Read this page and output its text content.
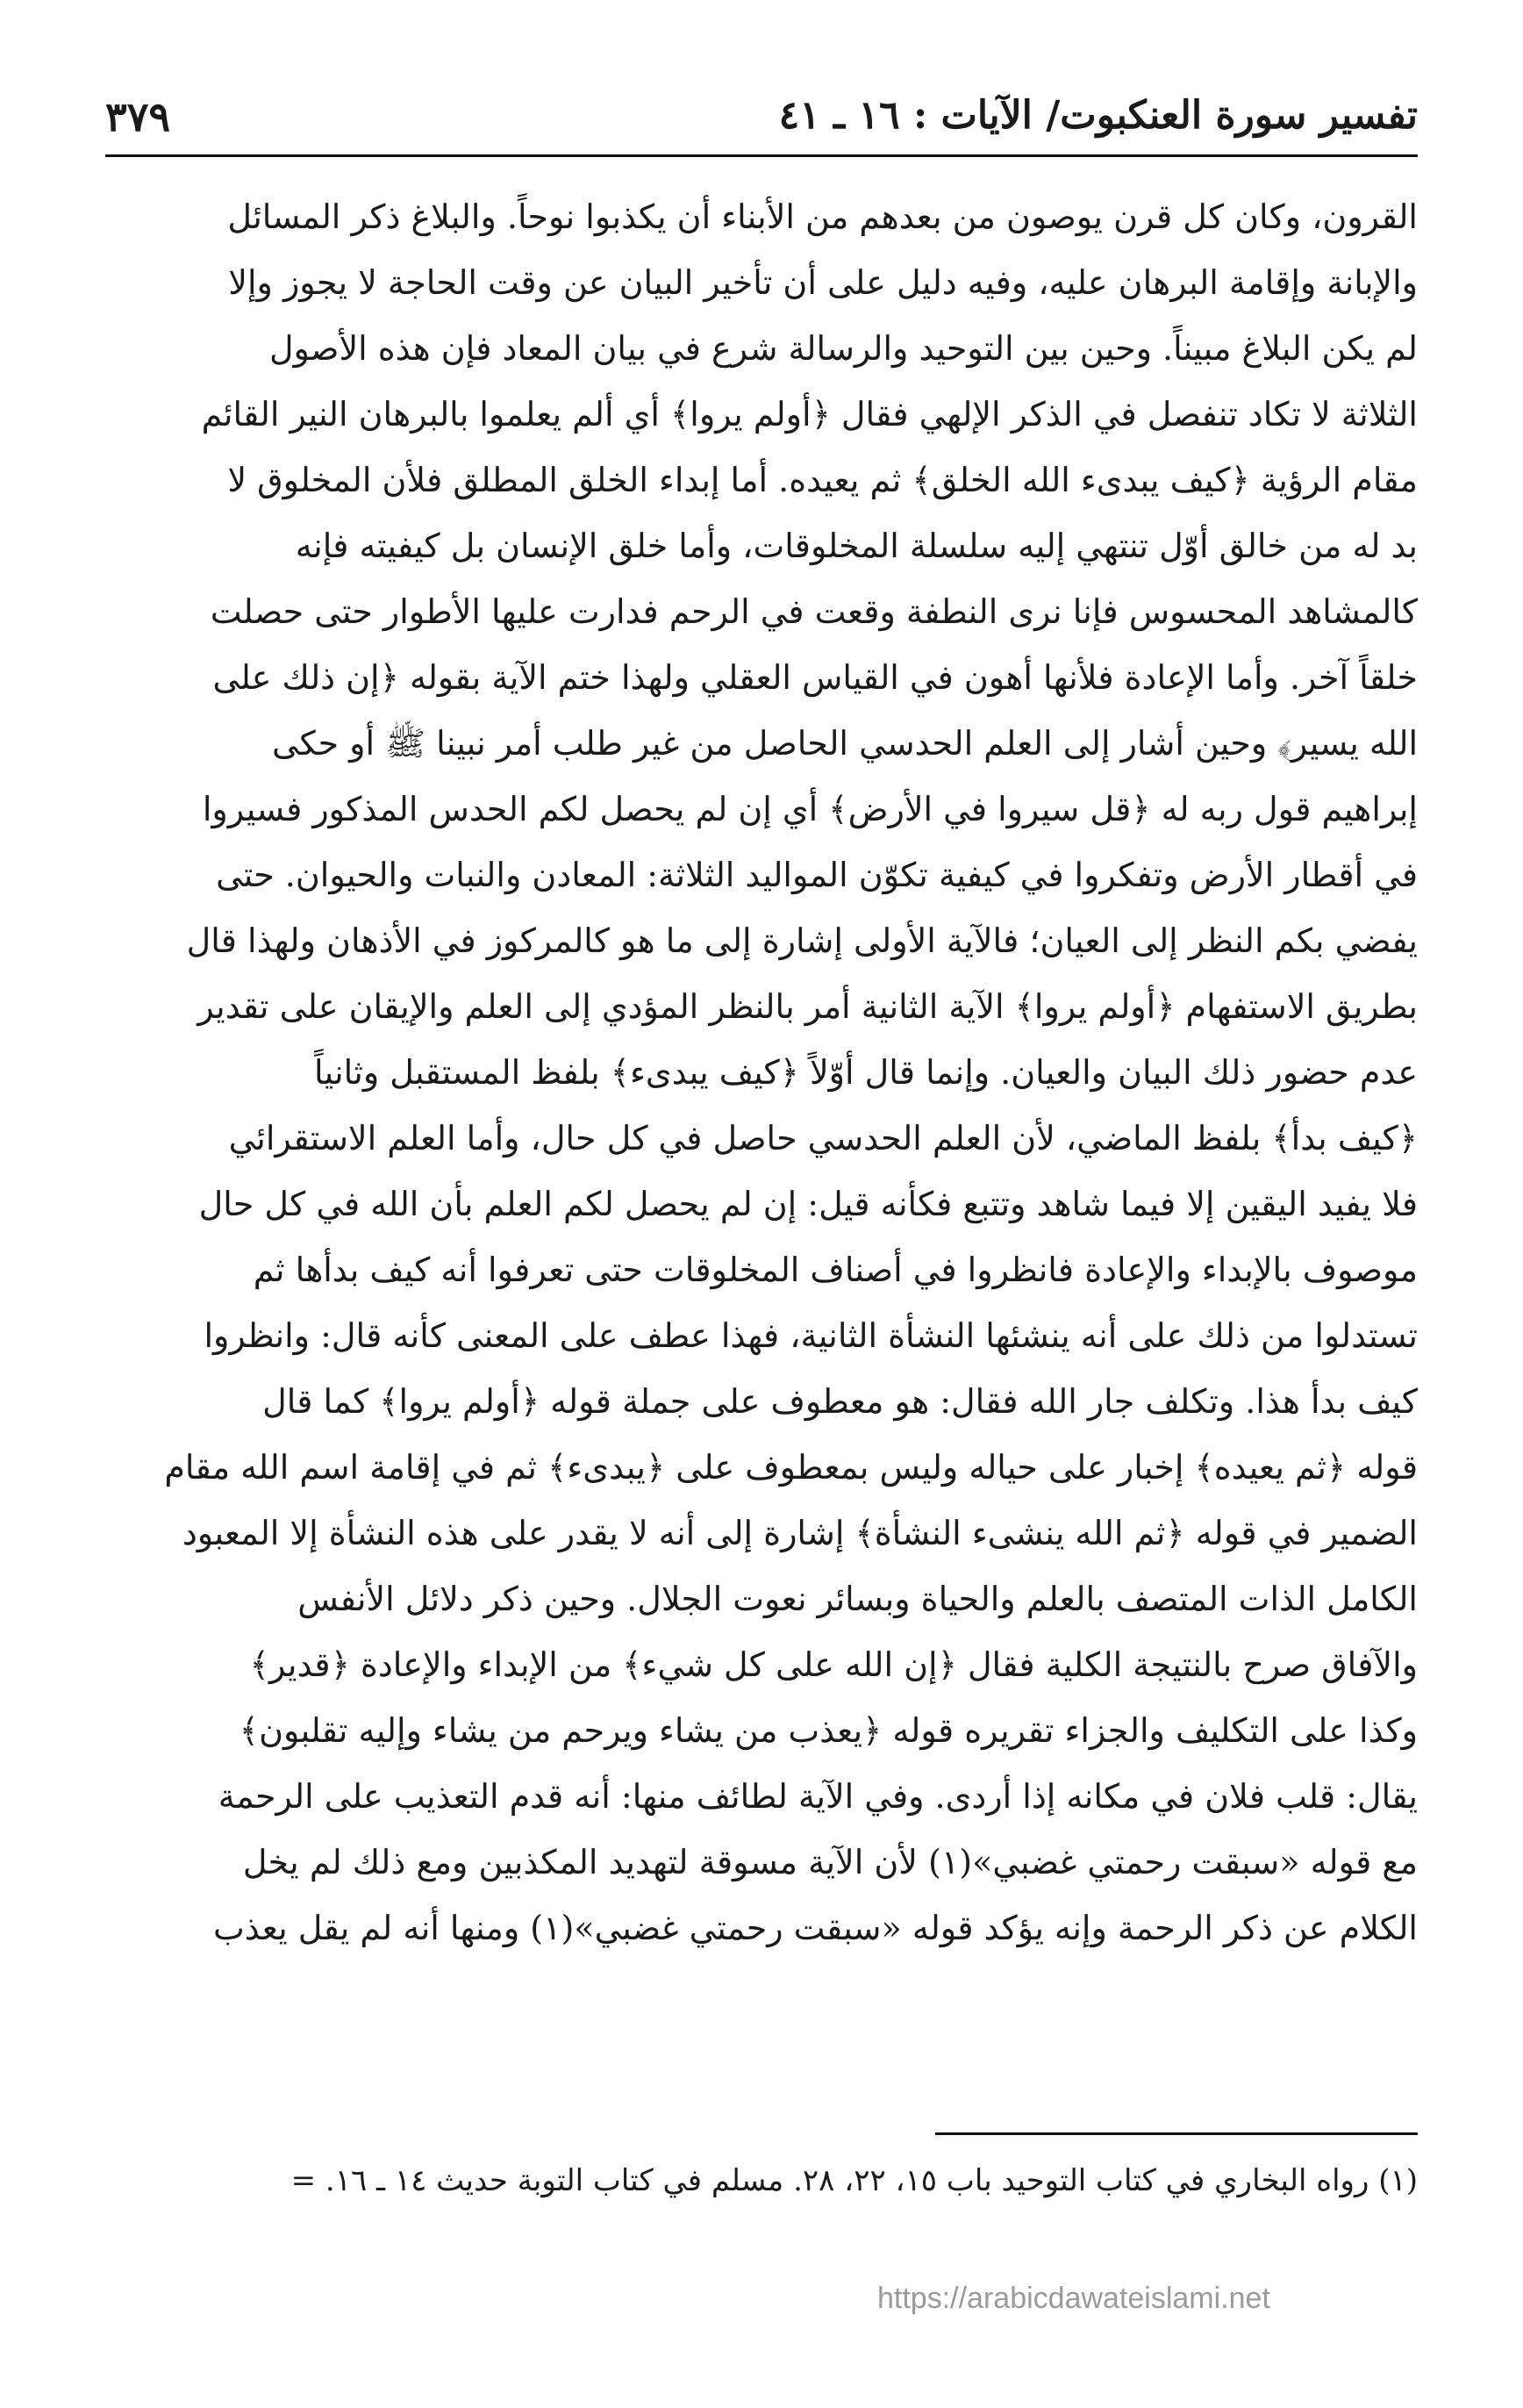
تفسير سورة العنكبوت/ الآيات : ١٦ ـ ٤١
٣٧٩
القرون، وكان كل قرن يوصون من بعدهم من الأبناء أن يكذبوا نوحاً. والبلاغ ذكر المسائل
والإبانة وإقامة البرهان عليه، وفيه دليل على أن تأخير البيان عن وقت الحاجة لا يجوز وإلا
لم يكن البلاغ مبيناً. وحين بين التوحيد والرسالة شرع في بيان المعاد فإن هذه الأصول
الثلاثة لا تكاد تنفصل في الذكر الإلهي فقال ﴿أولم يروا﴾ أي ألم يعلموا بالبرهان النير القائم
مقام الرؤية ﴿كيف يبدىء الله الخلق﴾ ثم يعيده. أما إبداء الخلق المطلق فلأن المخلوق لا
بد له من خالق أوّل تنتهي إليه سلسلة المخلوقات، وأما خلق الإنسان بل كيفيته فإنه
كالمشاهد المحسوس فإنا نرى النطفة وقعت في الرحم فدارت عليها الأطوار حتى حصلت
خلقاً آخر. وأما الإعادة فلأنها أهون في القياس العقلي ولهذا ختم الآية بقوله ﴿إن ذلك على
الله يسير﴾ وحين أشار إلى العلم الحدسي الحاصل من غير طلب أمر نبينا ﷺ أو حكى
إبراهيم قول ربه له ﴿قل سيروا في الأرض﴾ أي إن لم يحصل لكم الحدس المذكور فسيروا
في أقطار الأرض وتفكروا في كيفية تكوّن المواليد الثلاثة: المعادن والنبات والحيوان. حتى
يفضي بكم النظر إلى العيان؛ فالآية الأولى إشارة إلى ما هو كالمركوز في الأذهان ولهذا قال
بطريق الاستفهام ﴿أولم يروا﴾ الآية الثانية أمر بالنظر المؤدي إلى العلم والإيقان على تقدير
عدم حضور ذلك البيان والعيان. وإنما قال أوّلاً ﴿كيف يبدىء﴾ بلفظ المستقبل وثانياً
﴿كيف بدأ﴾ بلفظ الماضي، لأن العلم الحدسي حاصل في كل حال، وأما العلم الاستقرائي
فلا يفيد اليقين إلا فيما شاهد وتتبع فكأنه قيل: إن لم يحصل لكم العلم بأن الله في كل حال
موصوف بالإبداء والإعادة فانظروا في أصناف المخلوقات حتى تعرفوا أنه كيف بدأها ثم
تستدلوا من ذلك على أنه ينشئها النشأة الثانية، فهذا عطف على المعنى كأنه قال: وانظروا
كيف بدأ هذا. وتكلف جار الله فقال: هو معطوف على جملة قوله ﴿أولم يروا﴾ كما قال
قوله ﴿ثم يعيده﴾ إخبار على حياله وليس بمعطوف على ﴿يبدىء﴾ ثم في إقامة اسم الله مقام
الضمير في قوله ﴿ثم الله ينشىء النشأة﴾ إشارة إلى أنه لا يقدر على هذه النشأة إلا المعبود
الكامل الذات المتصف بالعلم والحياة وبسائر نعوت الجلال. وحين ذكر دلائل الأنفس
والآفاق صرح بالنتيجة الكلية فقال ﴿إن الله على كل شيء﴾ من الإبداء والإعادة ﴿قدير﴾
وكذا على التكليف والجزاء تقريره قوله ﴿يعذب من يشاء ويرحم من يشاء وإليه تقلبون﴾
يقال: قلب فلان في مكانه إذا أردى. وفي الآية لطائف منها: أنه قدم التعذيب على الرحمة
مع قوله «سبقت رحمتي غضبي»(١) لأن الآية مسوقة لتهديد المكذبين ومع ذلك لم يخل
الكلام عن ذكر الرحمة وإنه يؤكد قوله «سبقت رحمتي غضبي»(١) ومنها أنه لم يقل يعذب
(١) رواه البخاري في كتاب التوحيد باب ١٥، ٢٢، ٢٨. مسلم في كتاب التوبة حديث ١٤ ـ ١٦. =
https://arabicdawateislami.net
